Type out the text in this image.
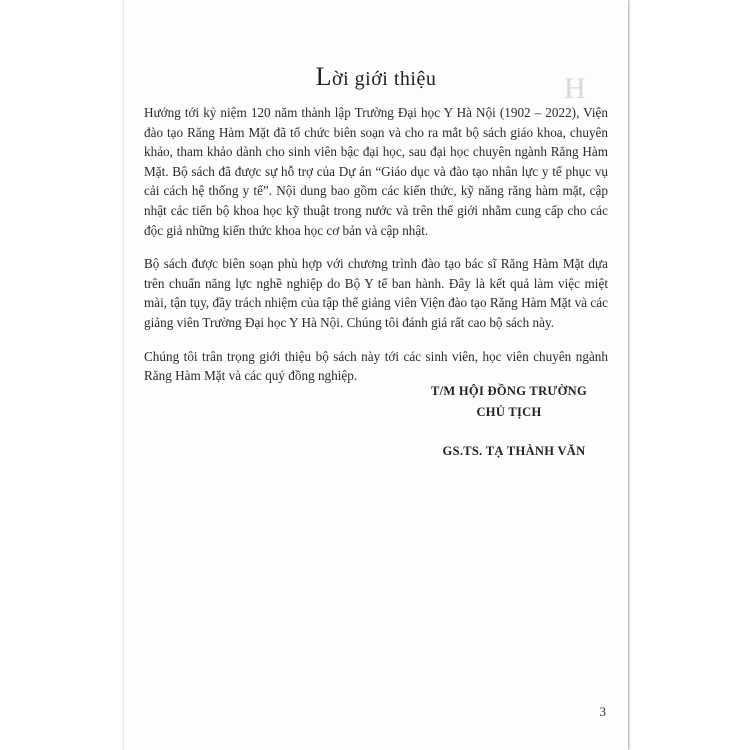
H
Lời giới thiệu

Hướng tới kỷ niệm 120 năm thành lập Trường Đại học Y Hà Nội (1902 – 2022), Viện đào tạo Răng Hàm Mặt đã tổ chức biên soạn và cho ra mắt bộ sách giáo khoa, chuyên khảo, tham khảo dành cho sinh viên bậc đại học, sau đại học chuyên ngành Răng Hàm Mặt. Bộ sách đã được sự hỗ trợ của Dự án “Giáo dục và đào tạo nhân lực y tế phục vụ cải cách hệ thống y tế”. Nội dung bao gồm các kiến thức, kỹ năng răng hàm mặt, cập nhật các tiến bộ khoa học kỹ thuật trong nước và trên thế giới nhằm cung cấp cho các độc giả những kiến thức khoa học cơ bản và cập nhật.

Bộ sách được biên soạn phù hợp với chương trình đào tạo bác sĩ Răng Hàm Mặt dựa trên chuẩn năng lực nghề nghiệp do Bộ Y tế ban hành. Đây là kết quả làm việc miệt mài, tận tụy, đầy trách nhiệm của tập thể giảng viên Viện đào tạo Răng Hàm Mặt và các giảng viên Trường Đại học Y Hà Nội. Chúng tôi đánh giá rất cao bộ sách này.

Chúng tôi trân trọng giới thiệu bộ sách này tới các sinh viên, học viên chuyên ngành Răng Hàm Mặt và các quý đồng nghiệp.

T/M HỘI ĐỒNG TRƯỜNG
CHỦ TỊCH
GS.TS. TẠ THÀNH VĂN
3
